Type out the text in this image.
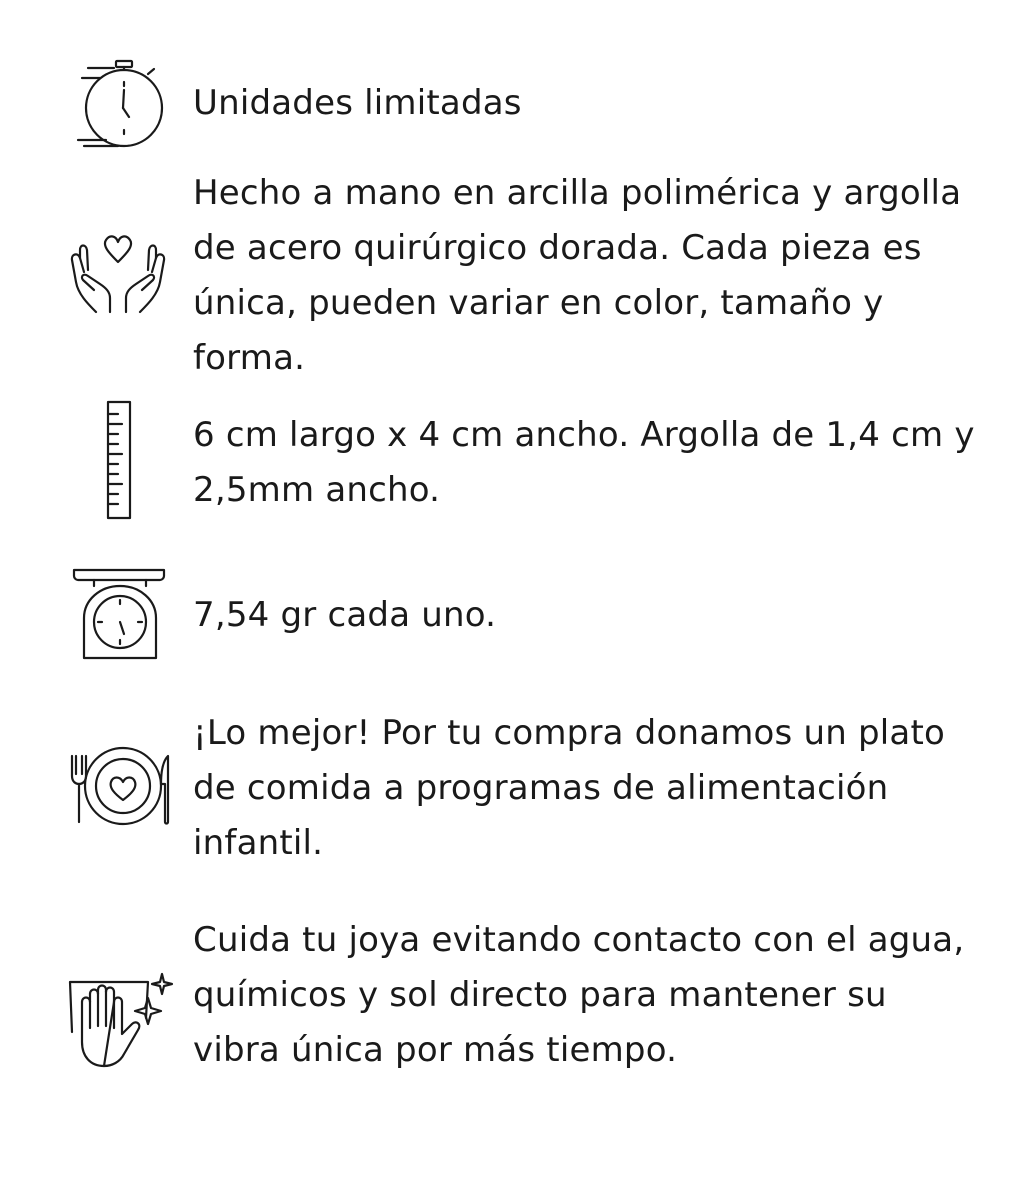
Unidades limitadas

Hecho a mano en arcilla polimérica y argolla de acero quirúrgico dorada. Cada pieza es única, pueden variar en color, tamaño y forma.

6 cm largo x 4 cm ancho. Argolla de 1,4 cm y 2,5mm ancho.

7,54 gr cada uno.

¡Lo mejor! Por tu compra donamos un plato de comida a programas de alimentación infantil.

Cuida tu joya evitando contacto con el agua, químicos y sol directo para mantener su vibra única por más tiempo.
